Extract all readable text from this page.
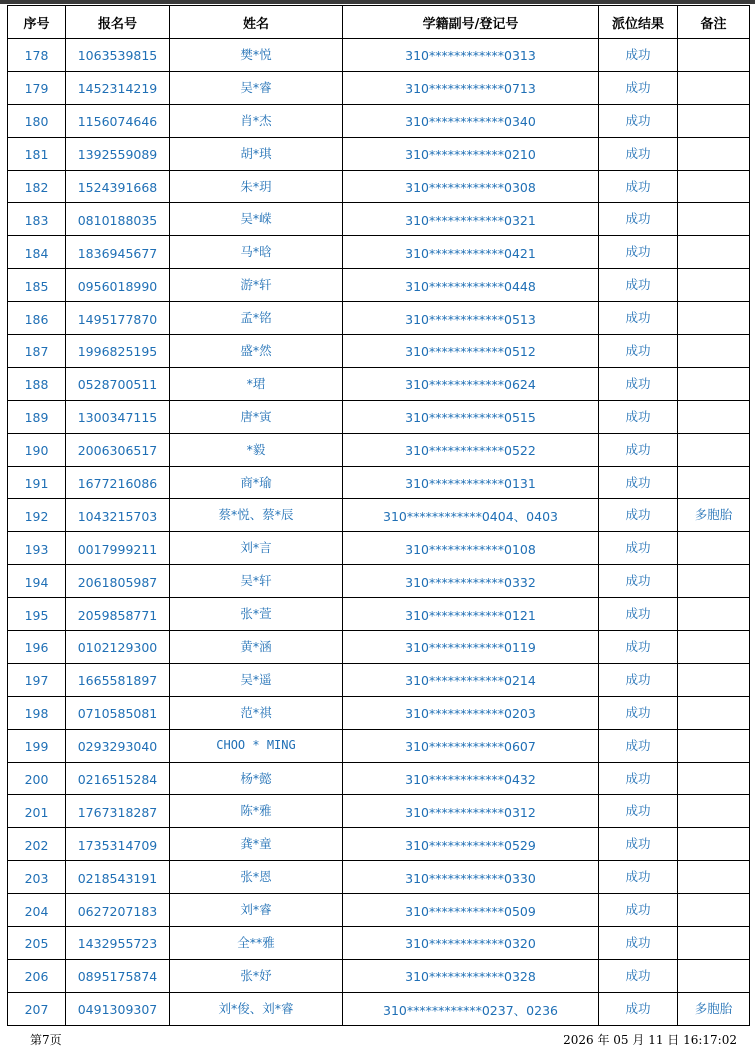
序号	报名号	姓名	学籍副号/登记号	派位结果	备注
178	1063539815	樊*悦	310************0313	成功	
179	1452314219	吴*睿	310************0713	成功	
180	1156074646	肖*杰	310************0340	成功	
181	1392559089	胡*琪	310************0210	成功	
182	1524391668	朱*玥	310************0308	成功	
183	0810188035	吴*嵘	310************0321	成功	
184	1836945677	马*晗	310************0421	成功	
185	0956018990	游*轩	310************0448	成功	
186	1495177870	孟*铭	310************0513	成功	
187	1996825195	盛*然	310************0512	成功	
188	0528700511	*珺	310************0624	成功	
189	1300347115	唐*寅	310************0515	成功	
190	2006306517	*毅	310************0522	成功	
191	1677216086	商*瑜	310************0131	成功	
192	1043215703	蔡*悦、蔡*辰	310************0404、0403	成功	多胞胎
193	0017999211	刘*言	310************0108	成功	
194	2061805987	吴*轩	310************0332	成功	
195	2059858771	张*萱	310************0121	成功	
196	0102129300	黄*涵	310************0119	成功	
197	1665581897	吴*遥	310************0214	成功	
198	0710585081	范*祺	310************0203	成功	
199	0293293040	CHOO * MING	310************0607	成功	
200	0216515284	杨*懿	310************0432	成功	
201	1767318287	陈*雅	310************0312	成功	
202	1735314709	龚*童	310************0529	成功	
203	0218543191	张*恩	310************0330	成功	
204	0627207183	刘*睿	310************0509	成功	
205	1432955723	全**雅	310************0320	成功	
206	0895175874	张*妤	310************0328	成功	
207	0491309307	刘*俊、刘*睿	310************0237、0236	成功	多胞胎
第7页	2026 年 05 月 11 日 16:17:02
